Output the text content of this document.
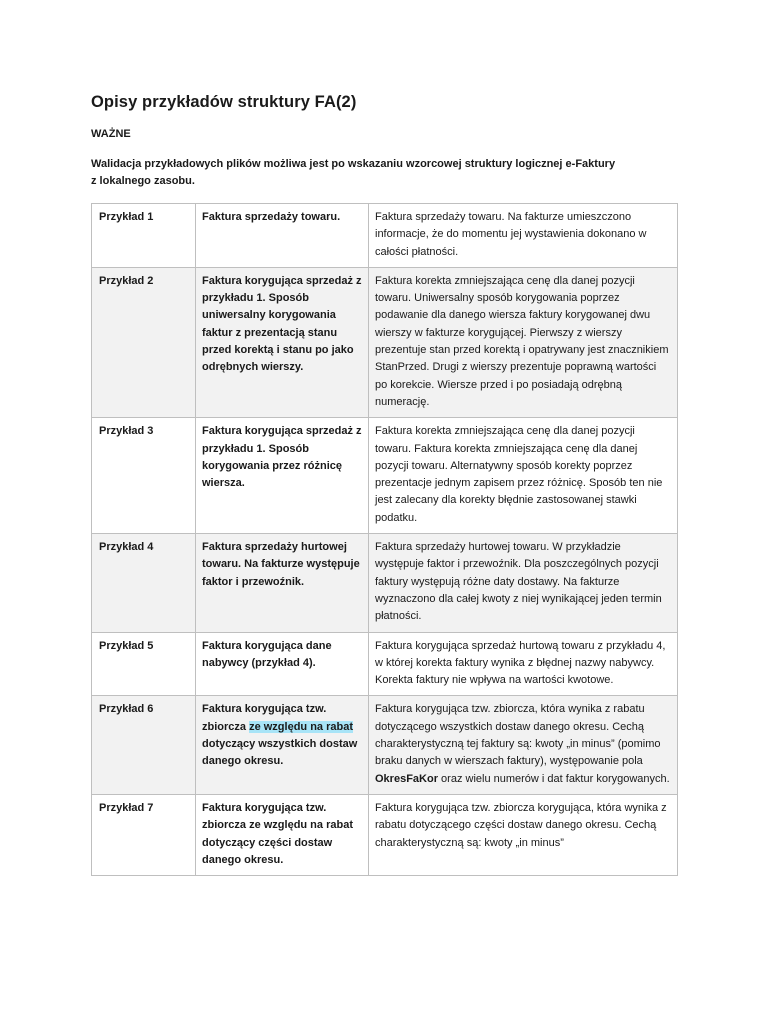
Opisy przykładów struktury FA(2)
WAŻNE
Walidacja przykładowych plików możliwa jest po wskazaniu wzorcowej struktury logicznej e-Faktury
z lokalnego zasobu.
Przykład 1	Faktura sprzedaży towaru.	Faktura sprzedaży towaru. Na fakturze umieszczono informacje, że do momentu jej wystawienia dokonano w całości płatności.
Przykład 2	Faktura korygująca sprzedaż z przykładu 1. Sposób uniwersalny korygowania faktur z prezentacją stanu przed korektą i stanu po jako odrębnych wierszy.	Faktura korekta zmniejszająca cenę dla danej pozycji towaru. Uniwersalny sposób korygowania poprzez podawanie dla danego wiersza faktury korygowanej dwu wierszy w fakturze korygującej. Pierwszy z wierszy prezentuje stan przed korektą i opatrywany jest znacznikiem StanPrzed. Drugi z wierszy prezentuje poprawną wartości po korekcie. Wiersze przed i po posiadają odrębną numerację.
Przykład 3	Faktura korygująca sprzedaż z przykładu 1. Sposób korygowania przez różnicę wiersza.	Faktura korekta zmniejszająca cenę dla danej pozycji towaru. Faktura korekta zmniejszająca cenę dla danej pozycji towaru. Alternatywny sposób korekty poprzez prezentacje jednym zapisem przez różnicę. Sposób ten nie jest zalecany dla korekty błędnie zastosowanej stawki podatku.
Przykład 4	Faktura sprzedaży hurtowej towaru. Na fakturze występuje faktor i przewoźnik.	Faktura sprzedaży hurtowej towaru. W przykładzie występuje faktor i przewoźnik. Dla poszczególnych pozycji faktury występują różne daty dostawy. Na fakturze wyznaczono dla całej kwoty z niej wynikającej jeden termin płatności.
Przykład 5	Faktura korygująca dane nabywcy (przykład 4).	Faktura korygująca sprzedaż hurtową towaru z przykładu 4, w której korekta faktury wynika z błędnej nazwy nabywcy. Korekta faktury nie wpływa na wartości kwotowe.
Przykład 6	Faktura korygująca tzw. zbiorcza ze względu na rabat dotyczący wszystkich dostaw danego okresu.	Faktura korygująca tzw. zbiorcza, która wynika z rabatu dotyczącego wszystkich dostaw danego okresu. Cechą charakterystyczną tej faktury są: kwoty „in minus” (pomimo braku danych w wierszach faktury), występowanie pola OkresFaKor oraz wielu numerów i dat faktur korygowanych.
Przykład 7	Faktura korygująca tzw. zbiorcza ze względu na rabat dotyczący części dostaw danego okresu.	Faktura korygująca tzw. zbiorcza korygująca, która wynika z rabatu dotyczącego części dostaw danego okresu. Cechą charakterystyczną są: kwoty „in minus”
